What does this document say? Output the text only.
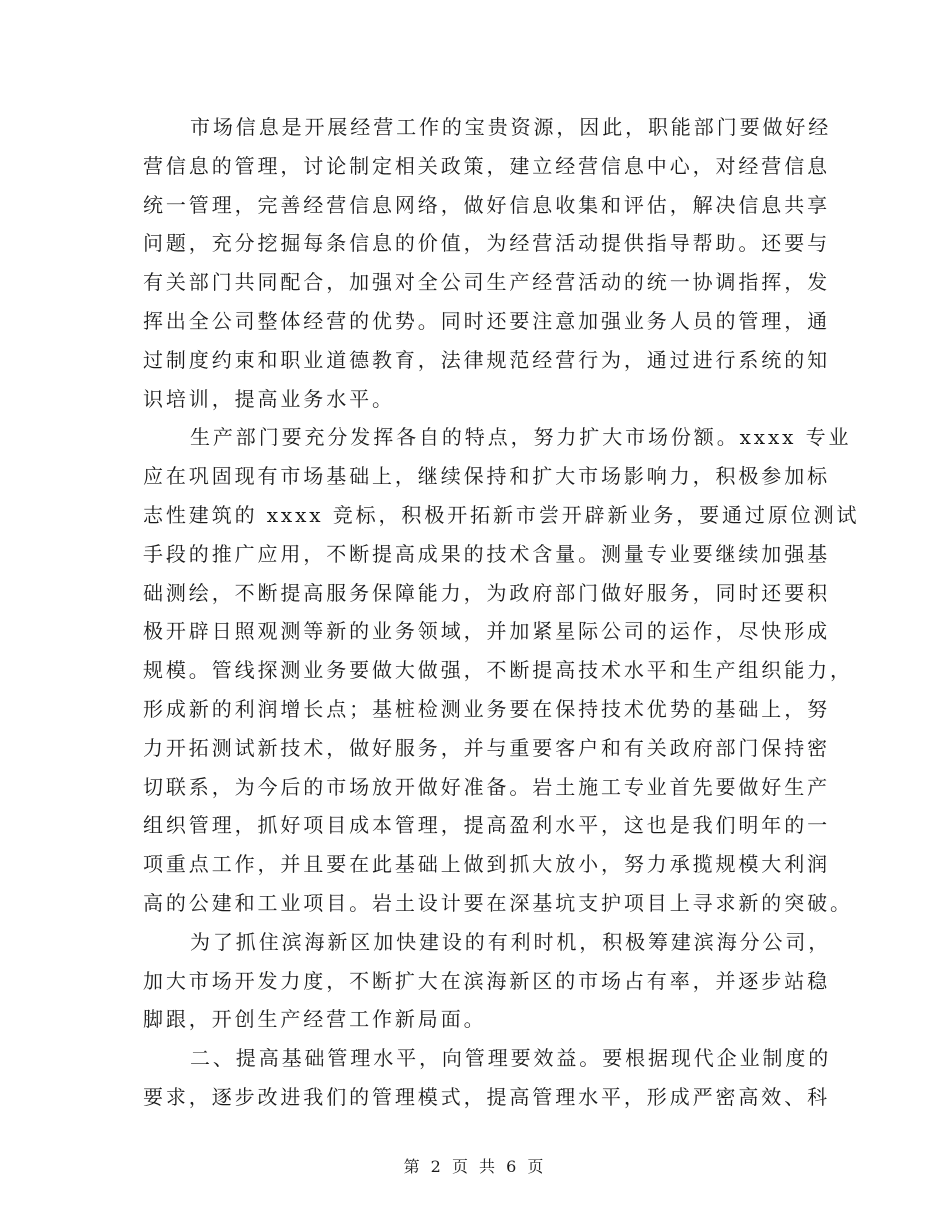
市场信息是开展经营工作的宝贵资源，因此，职能部门要做好经
营信息的管理，讨论制定相关政策，建立经营信息中心，对经营信息
统一管理，完善经营信息网络，做好信息收集和评估，解决信息共享
问题，充分挖掘每条信息的价值，为经营活动提供指导帮助。还要与
有关部门共同配合，加强对全公司生产经营活动的统一协调指挥，发
挥出全公司整体经营的优势。同时还要注意加强业务人员的管理，通
过制度约束和职业道德教育，法律规范经营行为，通过进行系统的知
识培训，提高业务水平。
生产部门要充分发挥各自的特点，努力扩大市场份额。xxxx 专业
应在巩固现有市场基础上，继续保持和扩大市场影响力，积极参加标
志性建筑的 xxxx 竞标，积极开拓新市尝开辟新业务，要通过原位测试
手段的推广应用，不断提高成果的技术含量。测量专业要继续加强基
础测绘，不断提高服务保障能力，为政府部门做好服务，同时还要积
极开辟日照观测等新的业务领域，并加紧星际公司的运作，尽快形成
规模。管线探测业务要做大做强，不断提高技术水平和生产组织能力，
形成新的利润增长点；基桩检测业务要在保持技术优势的基础上，努
力开拓测试新技术，做好服务，并与重要客户和有关政府部门保持密
切联系，为今后的市场放开做好准备。岩土施工专业首先要做好生产
组织管理，抓好项目成本管理，提高盈利水平，这也是我们明年的一
项重点工作，并且要在此基础上做到抓大放小，努力承揽规模大利润
高的公建和工业项目。岩土设计要在深基坑支护项目上寻求新的突破。
为了抓住滨海新区加快建设的有利时机，积极筹建滨海分公司，
加大市场开发力度，不断扩大在滨海新区的市场占有率，并逐步站稳
脚跟，开创生产经营工作新局面。
二、提高基础管理水平，向管理要效益。要根据现代企业制度的
要求，逐步改进我们的管理模式，提高管理水平，形成严密高效、科
第 2 页 共 6 页
